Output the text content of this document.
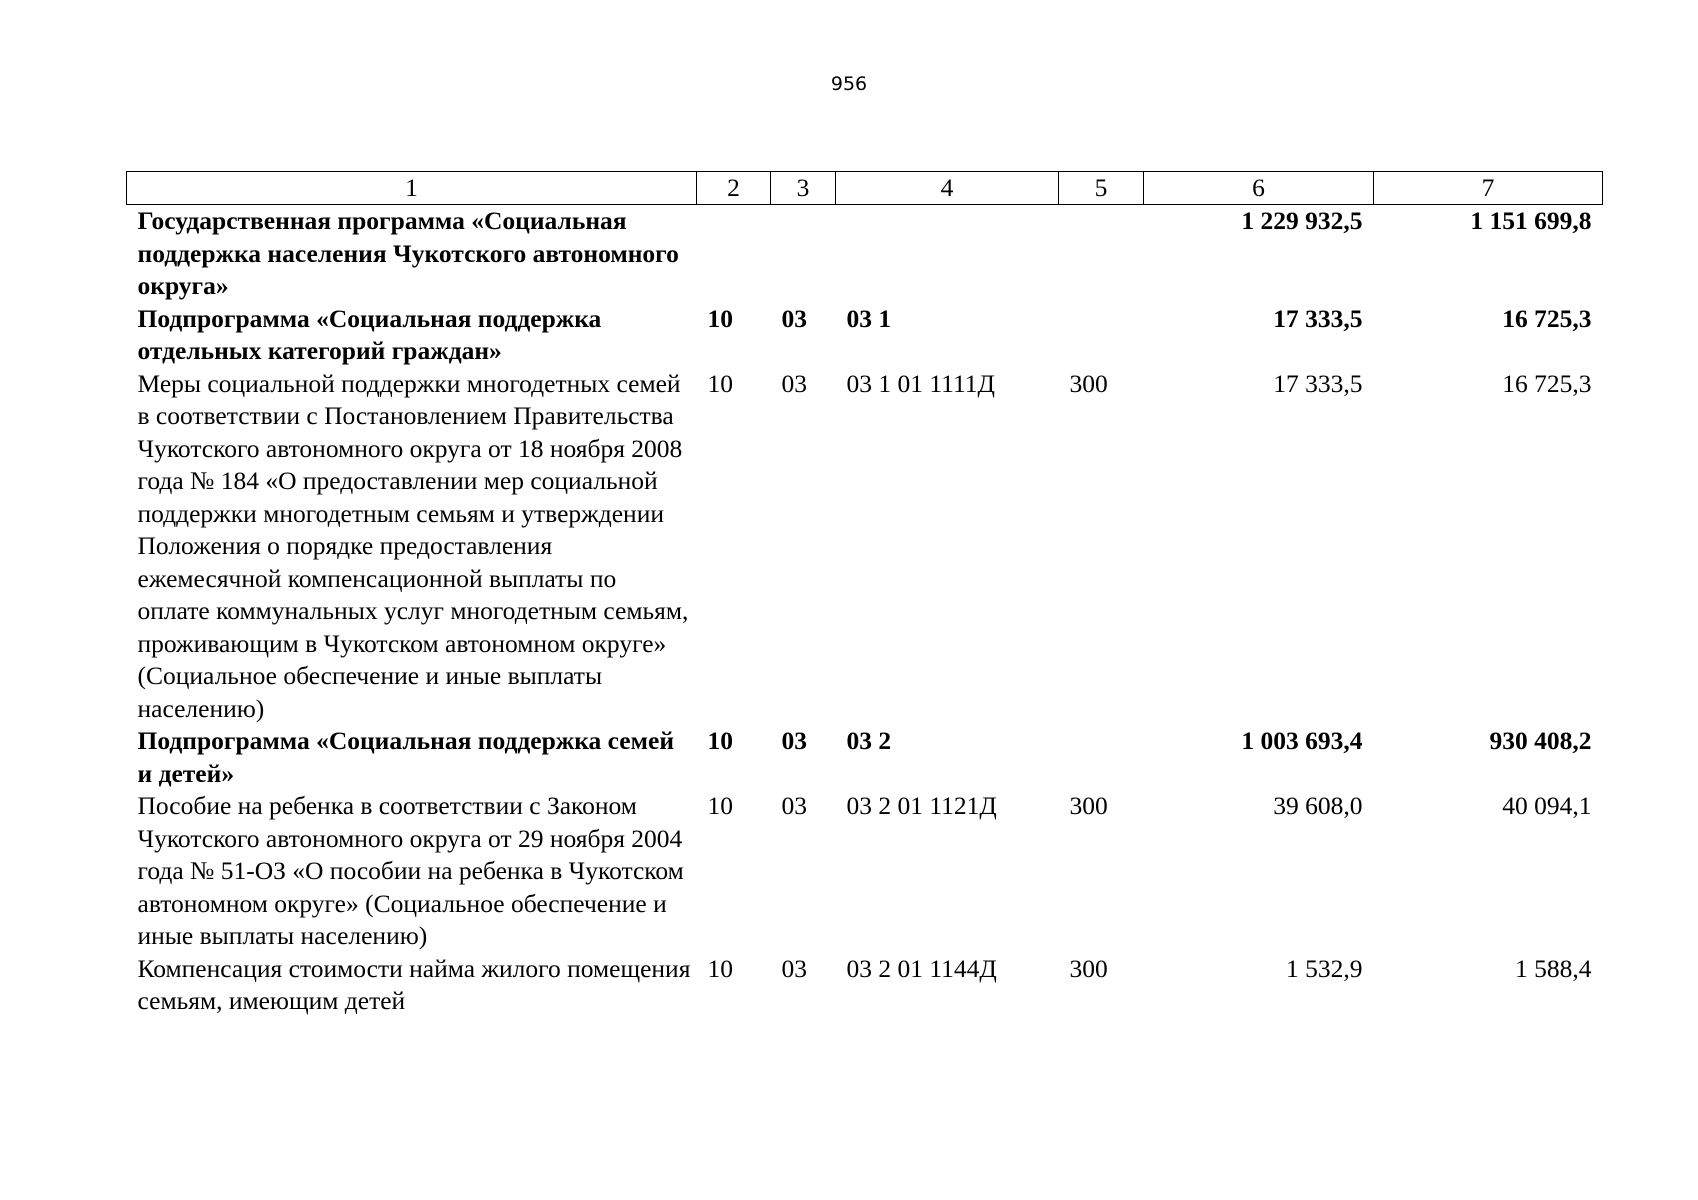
956
1	2	3	4	5	6	7
Государственная программа «Социальная поддержка населения Чукотского автономного округа»					1 229 932,5	1 151 699,8
Подпрограмма «Социальная поддержка отдельных категорий граждан»	10	03	03 1		17 333,5	16 725,3
Меры социальной поддержки многодетных семей в соответствии с Постановлением Правительства Чукотского автономного округа от 18 ноября 2008 года № 184 «О предоставлении мер социальной поддержки многодетным семьям и утверждении Положения о порядке предоставления ежемесячной компенсационной выплаты по оплате коммунальных услуг многодетным семьям, проживающим в Чукотском автономном округе» (Социальное обеспечение и иные выплаты населению)	10	03	03 1 01 1111Д	300	17 333,5	16 725,3
Подпрограмма «Социальная поддержка семей и детей»	10	03	03 2		1 003 693,4	930 408,2
Пособие на ребенка в соответствии с Законом Чукотского автономного округа от 29 ноября 2004 года № 51-ОЗ «О пособии на ребенка в Чукотском автономном округе» (Социальное обеспечение и иные выплаты населению)	10	03	03 2 01 1121Д	300	39 608,0	40 094,1
Компенсация стоимости найма жилого помещения семьям, имеющим детей	10	03	03 2 01 1144Д	300	1 532,9	1 588,4
